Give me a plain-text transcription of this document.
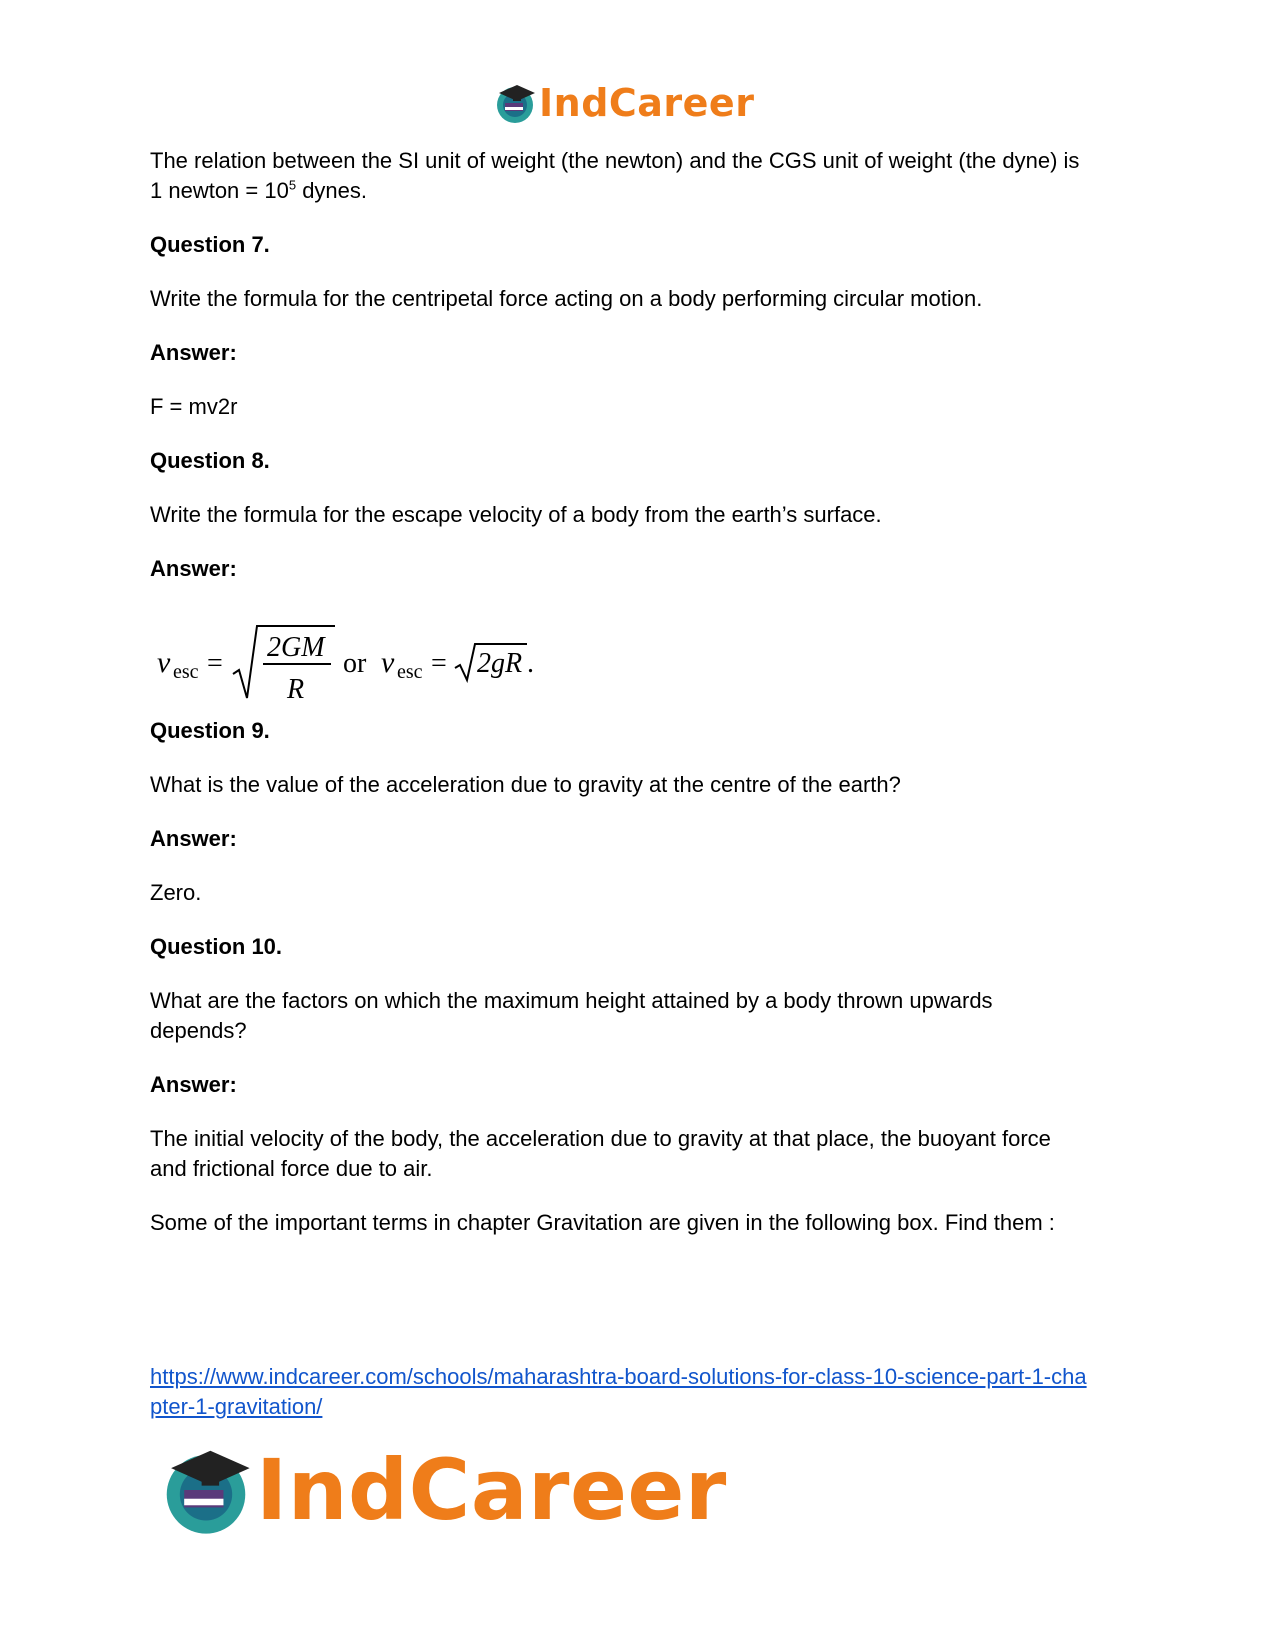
IndCareer
The relation between the SI unit of weight (the newton) and the CGS unit of weight (the dyne) is
1 newton = $10^5$ dynes.
Question 7.
Write the formula for the centripetal force acting on a body performing circular motion.
Answer:
F = mv2r
Question 8.
Write the formula for the escape velocity of a body from the earth’s surface.
Answer:
v esc =
2GM
R
or v esc = 2gR .
Question 9.
What is the value of the acceleration due to gravity at the centre of the earth?
Answer:
Zero.
Question 10.
What are the factors on which the maximum height attained by a body thrown upwards
depends?
Answer:
The initial velocity of the body, the acceleration due to gravity at that place, the buoyant force
and frictional force due to air.
Some of the important terms in chapter Gravitation are given in the following box. Find them :
https://www.indcareer.com/schools/maharashtra-board-solutions-for-class-10-science-part-1-cha
pter-1-gravitation/
IndCareer
